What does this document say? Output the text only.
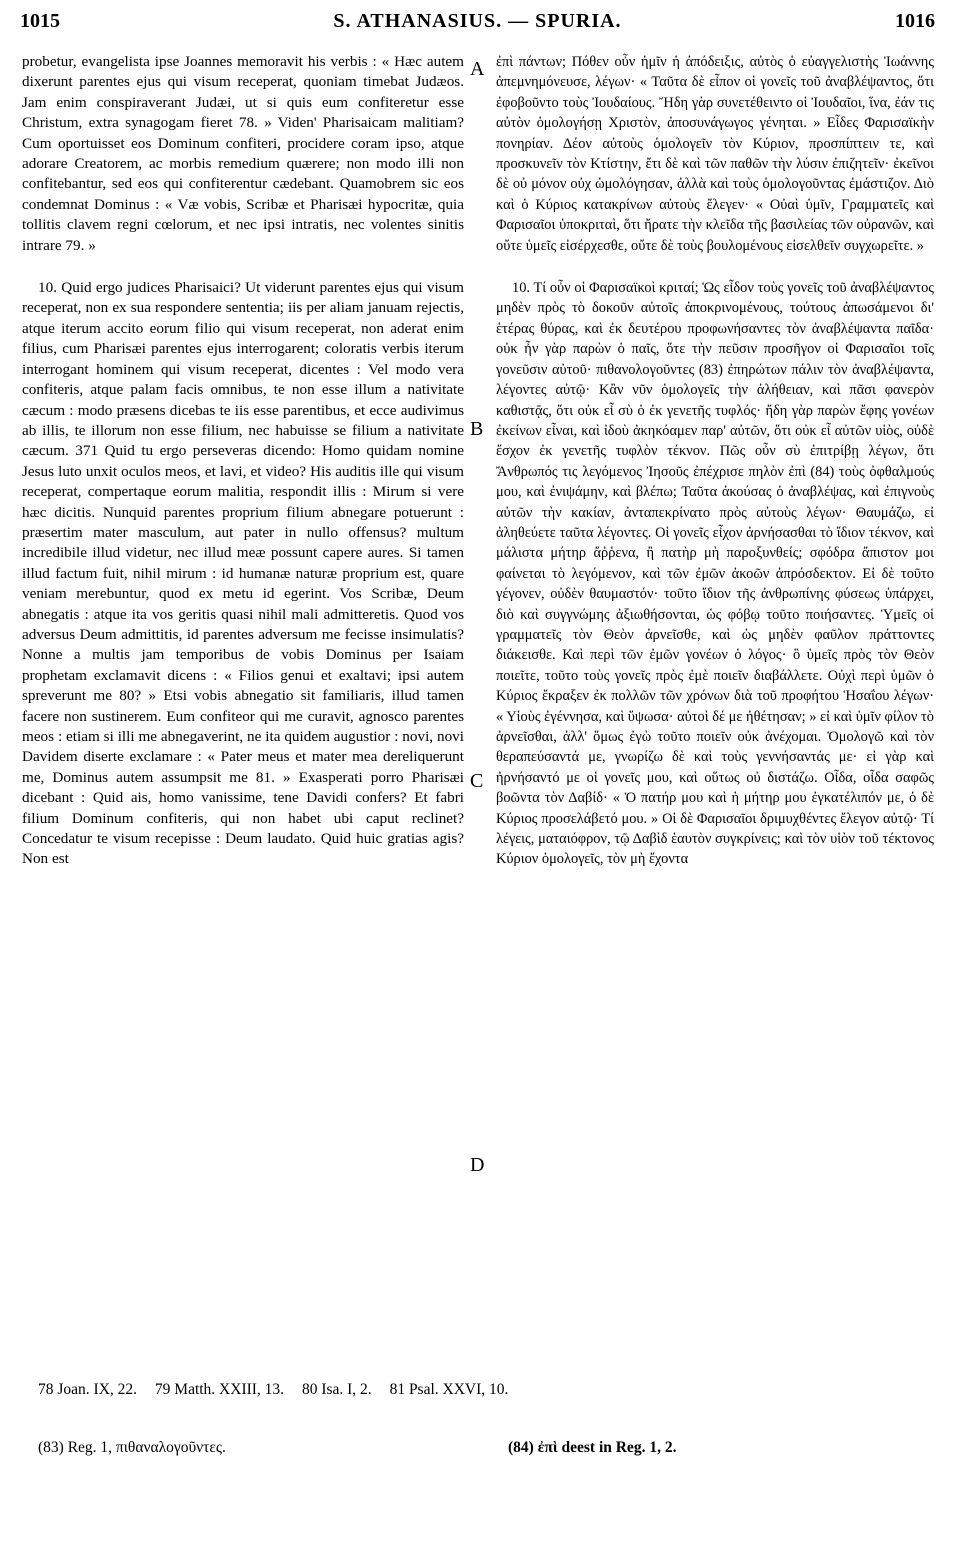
1015	S. ATHANASIUS. — SPURIA.	1016

probetur, evangelista ipse Joannes memoravit his verbis : « Hæc autem dixerunt parentes ejus qui visum receperat, quoniam timebat Judæos. Jam enim conspiraverant Judæi, ut si quis eum confiteretur esse Christum, extra synagogam fieret 78. » Viden' Pharisaicam malitiam? Cum oportuisset eos Dominum confiteri, procidere coram ipso, atque adorare Creatorem, ac morbis remedium quærere; non modo illi non confitebantur, sed eos qui confiterentur cædebant. Quamobrem sic eos condemnat Dominus : « Væ vobis, Scribæ et Pharisæi hypocritæ, quia tollitis clavem regni cœlorum, et nec ipsi intratis, nec volentes sinitis intrare 79. »

10. Quid ergo judices Pharisaici? Ut viderunt parentes ejus qui visum receperat, non ex sua respondere sententia; iis per aliam januam rejectis, atque iterum accito eorum filio qui visum receperat, non aderat enim filius, cum Pharisæi parentes ejus interrogarent; coloratis verbis iterum interrogant hominem qui visum receperat, dicentes : Vel modo vera confiteris, atque palam facis omnibus, te non esse illum a nativitate cæcum : modo præsens dicebas te iis esse parentibus, et ecce audivimus ab illis, te illorum non esse filium, nec habuisse se filium a nativitate cæcum. 371 Quid tu ergo perseveras dicendo: Homo quidam nomine Jesus luto unxit oculos meos, et lavi, et video? His auditis ille qui visum receperat, compertaque eorum malitia, respondit illis : Mirum si vere hæc dicitis. Nunquid parentes proprium filium abnegare potuerunt : præsertim mater masculum, aut pater in nullo offensus? multum incredibile illud videtur, nec illud meæ possunt capere aures. Si tamen illud factum fuit, nihil mirum : id humanæ naturæ proprium est, quare veniam merebuntur, quod ex metu id egerint. Vos Scribæ, Deum abnegatis : atque ita vos geritis quasi nihil mali admitteretis. Quod vos adversus Deum admittitis, id parentes adversum me fecisse insimulatis? Nonne a multis jam temporibus de vobis Dominus per Isaiam prophetam exclamavit dicens : « Filios genui et exaltavi; ipsi autem spreverunt me 80? » Etsi vobis abnegatio sit familiaris, illud tamen facere non sustinerem. Eum confiteor qui me curavit, agnosco parentes meos : etiam si illi me abnegaverint, ne ita quidem augustior : novi, novi Davidem diserte exclamare : « Pater meus et mater mea dereliquerunt me, Dominus autem assumpsit me 81. » Exasperati porro Pharisæi dicebant : Quid ais, homo vanissime, tene Davidi confers? Et fabri filium Dominum confiteris, qui non habet ubi caput reclinet? Concedatur te visum recepisse : Deum laudato. Quid huic gratias agis? Non est

A
B
C
D

ἐπὶ πάντων; Πόθεν οὖν ἡμῖν ἡ ἀπόδειξις, αὐτὸς ὁ εὐαγγελιστὴς Ἰωάννης ἀπεμνημόνευσε, λέγων· « Ταῦτα δὲ εἶπον οἱ γονεῖς τοῦ ἀναβλέψαντος, ὅτι ἐφοβοῦντο τοὺς Ἰουδαίους. Ἤδη γὰρ συνετέθειντο οἱ Ἰουδαῖοι, ἵνα, ἐάν τις αὐτὸν ὁμολογήσῃ Χριστὸν, ἀποσυνάγωγος γένηται. » Εἶδες Φαρισαϊκὴν πονηρίαν. Δέον αὐτοὺς ὁμολογεῖν τὸν Κύριον, προσπίπτειν τε, καὶ προσκυνεῖν τὸν Κτίστην, ἔτι δὲ καὶ τῶν παθῶν τὴν λύσιν ἐπιζητεῖν· ἐκεῖνοι δὲ οὐ μόνον οὐχ ὡμολόγησαν, ἀλλὰ καὶ τοὺς ὁμολογοῦντας ἐμάστιζον. Διὸ καὶ ὁ Κύριος κατακρίνων αὐτοὺς ἔλεγεν· « Οὐαὶ ὑμῖν, Γραμματεῖς καὶ Φαρισαῖοι ὑποκριταὶ, ὅτι ἤρατε τὴν κλεῖδα τῆς βασιλείας τῶν οὐρανῶν, καὶ οὔτε ὑμεῖς εἰσέρχεσθε, οὔτε δὲ τοὺς βουλομένους εἰσελθεῖν συγχωρεῖτε. »

10. Τί οὖν οἱ Φαρισαϊκοὶ κριταί; Ὡς εἶδον τοὺς γονεῖς τοῦ ἀναβλέψαντος μηδὲν πρὸς τὸ δοκοῦν αὐτοῖς ἀποκρινομένους, τούτους ἀπωσάμενοι δι' ἑτέρας θύρας, καὶ ἐκ δευτέρου προφωνήσαντες τὸν ἀναβλέψαντα παῖδα· οὐκ ἦν γὰρ παρὼν ὁ παῖς, ὅτε τὴν πεῦσιν προσῆγον οἱ Φαρισαῖοι τοῖς γονεῦσιν αὐτοῦ· πιθανολογοῦντες (83) ἐπηρώτων πάλιν τὸν ἀναβλέψαντα, λέγοντες αὐτῷ· Κἂν νῦν ὁμολογεῖς τὴν ἀλήθειαν, καὶ πᾶσι φανερὸν καθιστᾷς, ὅτι οὐκ εἶ σὺ ὁ ἐκ γενετῆς τυφλός· ἤδη γὰρ παρὼν ἔφης γονέων ἐκείνων εἶναι, καὶ ἰδοὺ ἀκηκόαμεν παρ' αὐτῶν, ὅτι οὐκ εἶ αὐτῶν υἱὸς, οὐδὲ ἔσχον ἐκ γενετῆς τυφλὸν τέκνον. Πῶς οὖν σὺ ἐπιτρίβῃ λέγων, ὅτι Ἄνθρωπός τις λεγόμενος Ἰησοῦς ἐπέχρισε πηλὸν ἐπὶ (84) τοὺς ὀφθαλμούς μου, καὶ ἐνιψάμην, καὶ βλέπω; Ταῦτα ἀκούσας ὁ ἀναβλέψας, καὶ ἐπιγνοὺς αὐτῶν τὴν κακίαν, ἀνταπεκρίνατο πρὸς αὐτοὺς λέγων· Θαυμάζω, εἰ ἀληθεύετε ταῦτα λέγοντες. Οἱ γονεῖς εἶχον ἀρνήσασθαι τὸ ἴδιον τέκνον, καὶ μάλιστα μήτηρ ἄῤῥενα, ἢ πατὴρ μὴ παροξυνθείς; σφόδρα ἄπιστον μοι φαίνεται τὸ λεγόμενον, καὶ τῶν ἐμῶν ἀκοῶν ἀπρόσδεκτον. Εἰ δὲ τοῦτο γέγονεν, οὐδὲν θαυμαστόν· τοῦτο ἴδιον τῆς ἀνθρωπίνης φύσεως ὑπάρχει, διὸ καὶ συγγνώμης ἀξιωθήσονται, ὡς φόβῳ τοῦτο ποιήσαντες. Ὑμεῖς οἱ γραμματεῖς τὸν Θεὸν ἀρνεῖσθε, καὶ ὡς μηδὲν φαῦλον πράττοντες διάκεισθε. Καὶ περὶ τῶν ἐμῶν γονέων ὁ λόγος· ὃ ὑμεῖς πρὸς τὸν Θεὸν ποιεῖτε, τοῦτο τοὺς γονεῖς πρὸς ἐμὲ ποιεῖν διαβάλλετε. Οὐχὶ περὶ ὑμῶν ὁ Κύριος ἔκραξεν ἐκ πολλῶν τῶν χρόνων διὰ τοῦ προφήτου Ἡσαΐου λέγων· « Υἱοὺς ἐγέννησα, καὶ ὕψωσα· αὐτοὶ δέ με ἠθέτησαν; » εἰ καὶ ὑμῖν φίλον τὸ ἀρνεῖσθαι, ἀλλ' ὅμως ἐγὼ τοῦτο ποιεῖν οὐκ ἀνέχομαι. Ὁμολογῶ καὶ τὸν θεραπεύσαντά με, γνωρίζω δὲ καὶ τοὺς γεννήσαντάς με· εἰ γὰρ καὶ ἠρνήσαντό με οἱ γονεῖς μου, καὶ οὕτως οὐ διστάζω. Οἶδα, οἶδα σαφῶς βοῶντα τὸν Δαβίδ· « Ὁ πατήρ μου καὶ ἡ μήτηρ μου ἐγκατέλιπόν με, ὁ δὲ Κύριος προσελάβετό μου. » Οἱ δὲ Φαρισαῖοι δριμυχθέντες ἔλεγον αὐτῷ· Τί λέγεις, ματαιόφρον, τῷ Δαβὶδ ἑαυτὸν συγκρίνεις; καὶ τὸν υἱὸν τοῦ τέκτονος Κύριον ὁμολογεῖς, τὸν μὴ ἔχοντα

78 Joan. IX, 22. 79 Matth. XXIII, 13. 80 Isa. I, 2. 81 Psal. XXVI, 10.
(83) Reg. 1, πιθαναλογοῦντες.	(84) ἐπὶ deest in Reg. 1, 2.
